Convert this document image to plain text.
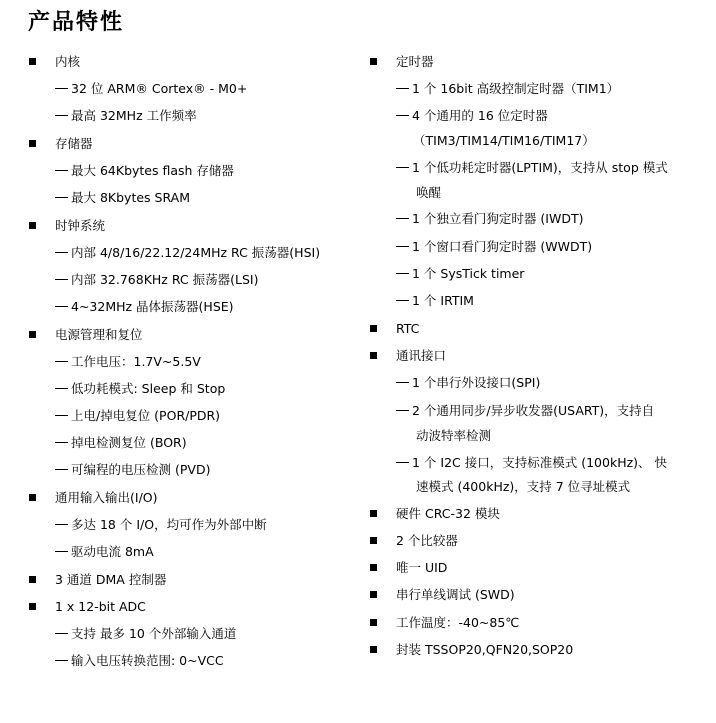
产品特性
内核
32 位 ARM® Cortex® - M0+
最高 32MHz 工作频率
存储器
最大 64Kbytes flash 存储器
最大 8Kbytes SRAM
时钟系统
内部 4/8/16/22.12/24MHz RC 振荡器(HSI)
内部 32.768KHz RC 振荡器(LSI)
4~32MHz 晶体振荡器(HSE)
电源管理和复位
工作电压：1.7V~5.5V
低功耗模式: Sleep 和 Stop
上电/掉电复位 (POR/PDR)
掉电检测复位 (BOR)
可编程的电压检测 (PVD)
通用输入输出(I/O)
多达 18 个 I/O，均可作为外部中断
驱动电流 8mA
3 通道 DMA 控制器
1 x 12-bit ADC
支持 最多 10 个外部输入通道
输入电压转换范围: 0~VCC
定时器
1 个 16bit 高级控制定时器（TIM1）
4 个通用的 16 位定时器
（TIM3/TIM14/TIM16/TIM17）
1 个低功耗定时器(LPTIM)，支持从 stop 模式
唤醒
1 个独立看门狗定时器 (IWDT)
1 个窗口看门狗定时器 (WWDT)
1 个 SysTick timer
1 个 IRTIM
RTC
通讯接口
1 个串行外设接口(SPI)
2 个通用同步/异步收发器(USART)，支持自
动波特率检测
1 个 I2C 接口，支持标准模式 (100kHz)、 快
速模式 (400kHz)，支持 7 位寻址模式
硬件 CRC-32 模块
2 个比较器
唯一 UID
串行单线调试 (SWD)
工作温度：-40~85℃
封装 TSSOP20,QFN20,SOP20
